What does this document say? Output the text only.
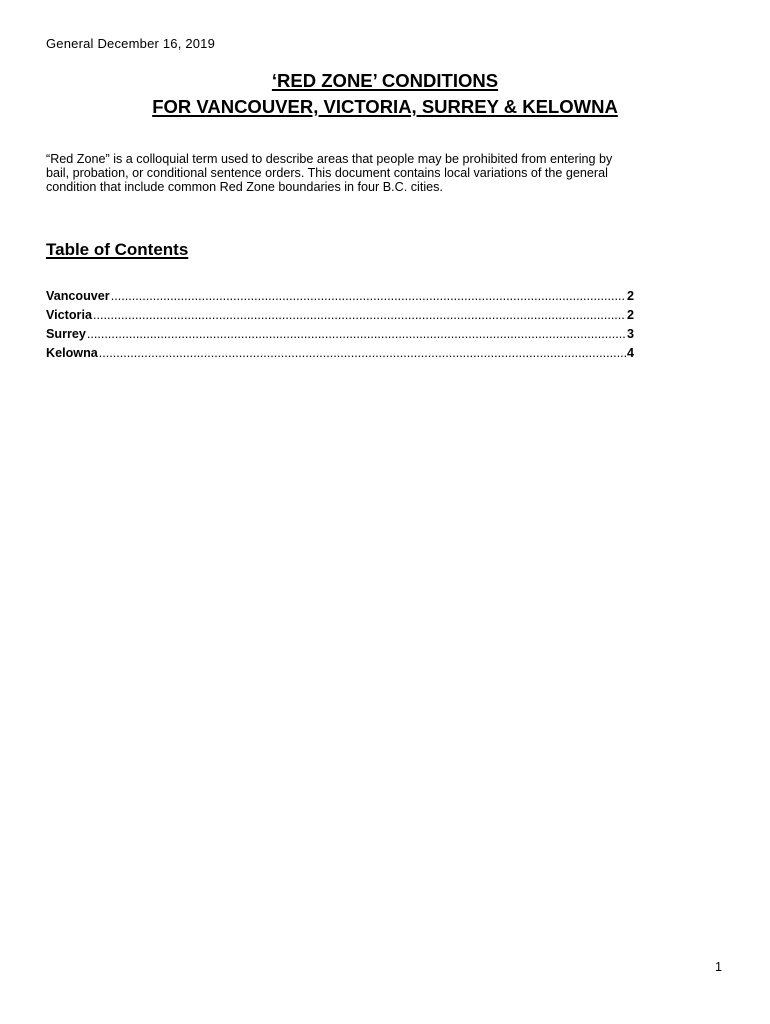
General December 16, 2019
‘RED ZONE’ CONDITIONS
FOR VANCOUVER, VICTORIA, SURREY & KELOWNA
“Red Zone” is a colloquial term used to describe areas that people may be prohibited from entering by
bail, probation, or conditional sentence orders. This document contains local variations of the general
condition that include common Red Zone boundaries in four B.C. cities.
Table of Contents
Vancouver .....	2
Victoria .....	2
Surrey .....	3
Kelowna .....	4
1
